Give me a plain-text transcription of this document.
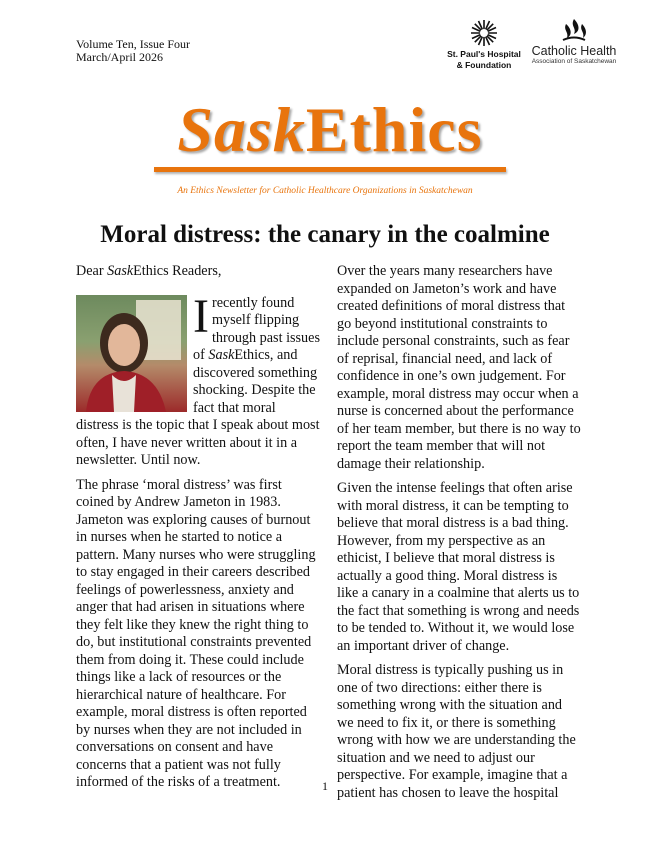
Volume Ten, Issue Four
March/April 2026	St. Paul's Hospital
& Foundation
Catholic Health
Association of Saskatchewan
SaskEthics
An Ethics Newsletter for Catholic Healthcare Organizations in Saskatchewan
Moral distress: the canary in the coalmine

Dear SaskEthics Readers,

Irecently found myself flipping through past issues of SaskEthics, and discovered something shocking. Despite the fact that moral distress is the topic that I speak about most often, I have never written about it in a newsletter. Until now.

The phrase ‘moral distress’ was first coined by Andrew Jameton in 1983. Jameton was exploring causes of burnout in nurses when he started to notice a pattern. Many nurses who were struggling to stay engaged in their careers described feelings of powerlessness, anxiety and anger that had arisen in situations where they felt like they knew the right thing to do, but institutional constraints prevented them from doing it. These could include things like a lack of resources or the hierarchical nature of healthcare. For example, moral distress is often reported by nurses when they are not included in conversations on consent and have concerns that a patient was not fully informed of the risks of a treatment.

Over the years many researchers have expanded on Jameton’s work and have created definitions of moral distress that go beyond institutional constraints to include personal constraints, such as fear of reprisal, financial need, and lack of confidence in one’s own judgement. For example, moral distress may occur when a nurse is concerned about the performance of her team member, but there is no way to report the team member that will not damage their relationship.

Given the intense feelings that often arise with moral distress, it can be tempting to believe that moral distress is a bad thing. However, from my perspective as an ethicist, I believe that moral distress is actually a good thing. Moral distress is like a canary in a coalmine that alerts us to the fact that something is wrong and needs to be tended to. Without it, we would lose an important driver of change.

Moral distress is typically pushing us in one of two directions: either there is something wrong with the situation and we need to fix it, or there is something wrong with how we are understanding the situation and we need to adjust our perspective. For example, imagine that a patient has chosen to leave the hospital

1
